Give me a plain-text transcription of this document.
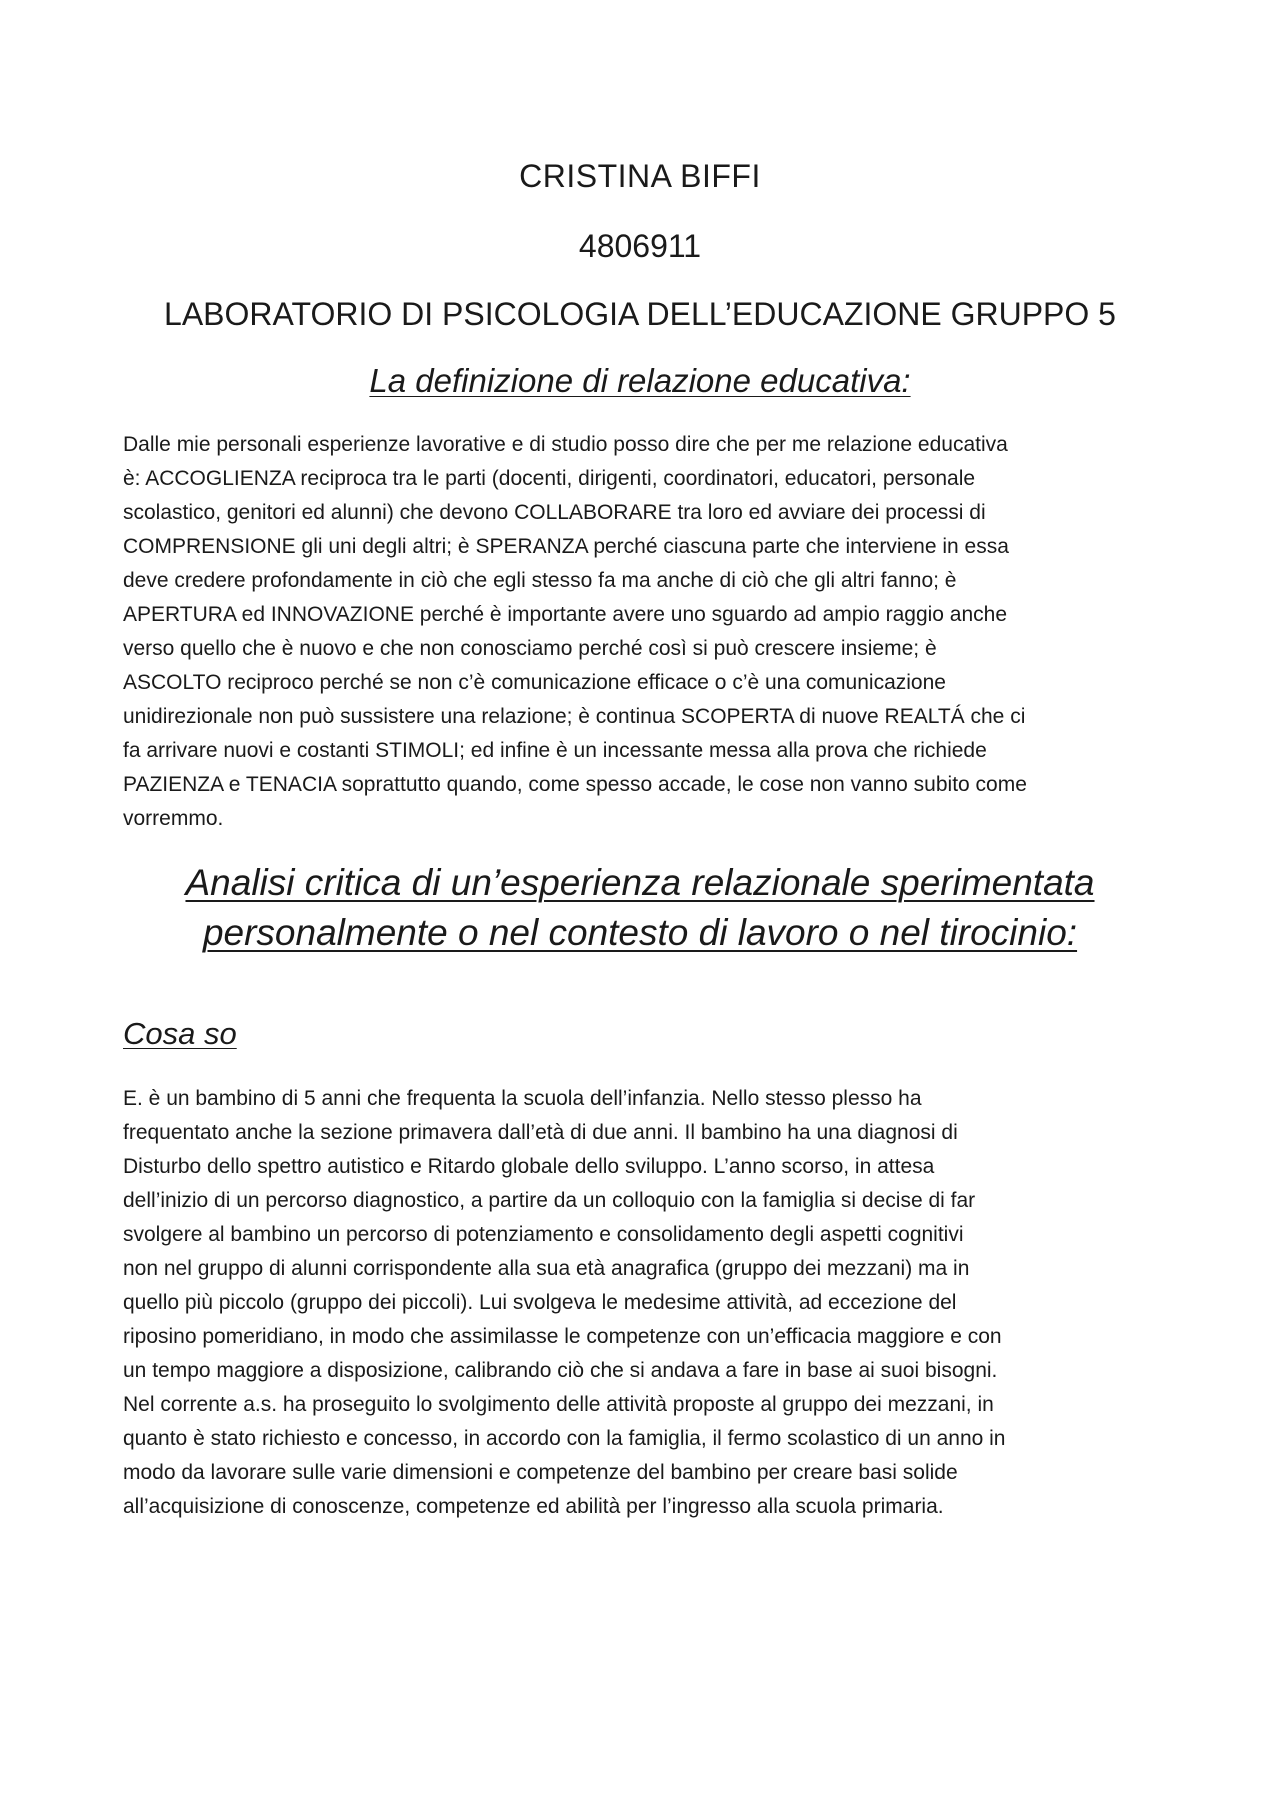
CRISTINA BIFFI
4806911
LABORATORIO DI PSICOLOGIA DELL’EDUCAZIONE GRUPPO 5
La definizione di relazione educativa:
Dalle mie personali esperienze lavorative e di studio posso dire che per me relazione educativa
è: ACCOGLIENZA reciproca tra le parti (docenti, dirigenti, coordinatori, educatori, personale
scolastico, genitori ed alunni) che devono COLLABORARE tra loro ed avviare dei processi di
COMPRENSIONE gli uni degli altri; è SPERANZA perché ciascuna parte che interviene in essa
deve credere profondamente in ciò che egli stesso fa ma anche di ciò che gli altri fanno; è
APERTURA ed INNOVAZIONE perché è importante avere uno sguardo ad ampio raggio anche
verso quello che è nuovo e che non conosciamo perché così si può crescere insieme; è
ASCOLTO reciproco perché se non c’è comunicazione efficace o c’è una comunicazione
unidirezionale non può sussistere una relazione; è continua SCOPERTA di nuove REALTÁ che ci
fa arrivare nuovi e costanti STIMOLI; ed infine è un incessante messa alla prova che richiede
PAZIENZA e TENACIA soprattutto quando, come spesso accade, le cose non vanno subito come
vorremmo.
Analisi critica di un’esperienza relazionale sperimentata
personalmente o nel contesto di lavoro o nel tirocinio:
Cosa so
E. è un bambino di 5 anni che frequenta la scuola dell’infanzia. Nello stesso plesso ha
frequentato anche la sezione primavera dall’età di due anni. Il bambino ha una diagnosi di
Disturbo dello spettro autistico e Ritardo globale dello sviluppo. L’anno scorso, in attesa
dell’inizio di un percorso diagnostico, a partire da un colloquio con la famiglia si decise di far
svolgere al bambino un percorso di potenziamento e consolidamento degli aspetti cognitivi
non nel gruppo di alunni corrispondente alla sua età anagrafica (gruppo dei mezzani) ma in
quello più piccolo (gruppo dei piccoli). Lui svolgeva le medesime attività, ad eccezione del
riposino pomeridiano, in modo che assimilasse le competenze con un’efficacia maggiore e con
un tempo maggiore a disposizione, calibrando ciò che si andava a fare in base ai suoi bisogni.
Nel corrente a.s. ha proseguito lo svolgimento delle attività proposte al gruppo dei mezzani, in
quanto è stato richiesto e concesso, in accordo con la famiglia, il fermo scolastico di un anno in
modo da lavorare sulle varie dimensioni e competenze del bambino per creare basi solide
all’acquisizione di conoscenze, competenze ed abilità per l’ingresso alla scuola primaria.
